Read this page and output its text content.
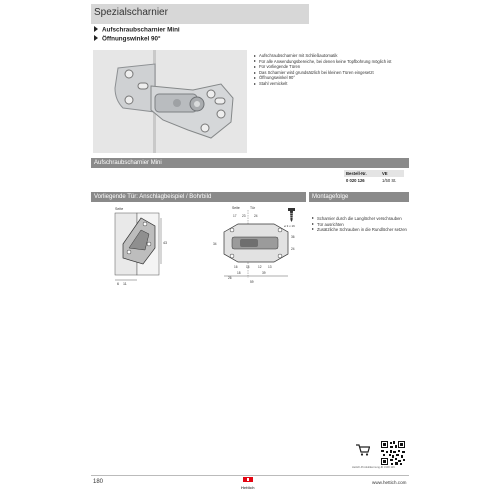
Spezialscharnier
Aufschraubscharnier Mini
Öffnungswinkel 90°
Aufschraubscharnier mit Schließautomatik
Für alle Anwendungsbereiche, bei denen keine Topfbohrung möglich ist
Für vorliegende Türen
Das Scharnier wird grundsätzlich bei kleinen Türen eingesetzt
Öffnungswinkel 90°
Stahl vernickelt
Aufschraubscharnier Mini
Bestell-Nr.	VE
0 020 126	1/50 St.
Vorliegende Tür: Anschlagbeispiel / Bohrbild	Montagefolge
Seite
43
11
6
Seite	Tür
17 23	24
34
36
24
16	14	12 13
18	39
26
59
ø 3 x 16
Scharnier durch die Langlöcher verschrauben
Tür ausrichten
Zusätzliche Schrauben in die Rundlöcher setzen
Hettich-Produktkennung-ID 3100 116
180
Hettich
www.hettich.com
